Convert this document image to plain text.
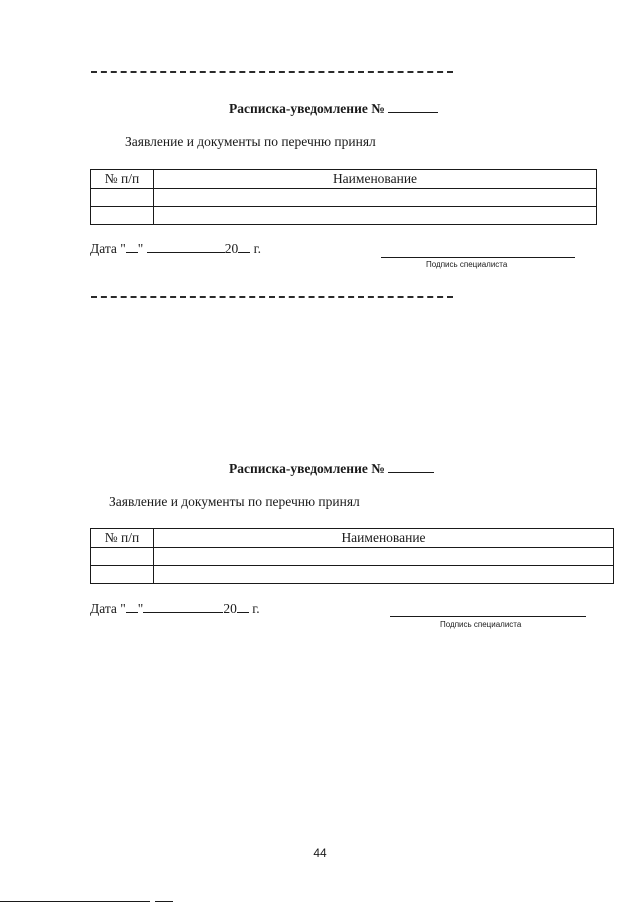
Расписка-уведомление №
Заявление и документы по перечню принял
№ п/п	Наименование

Дата " "	20 г.
Подпись специалиста
Расписка-уведомление №
Заявление и документы по перечню принял
№ п/п	Наименование

Дата " "	20 г.
Подпись специалиста
44
